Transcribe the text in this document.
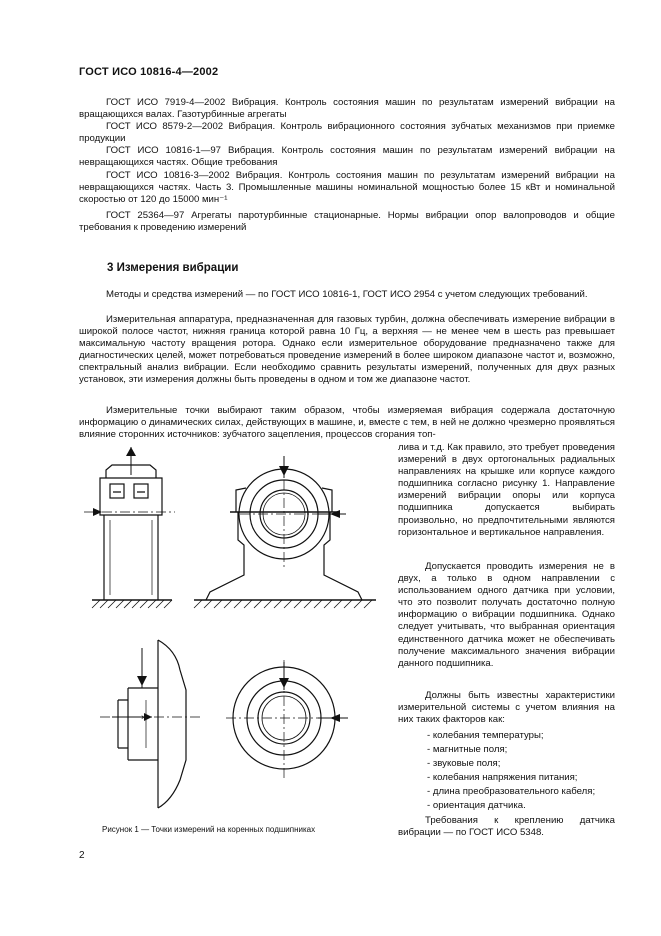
ГОСТ ИСО 10816-4—2002

ГОСТ ИСО 7919-4—2002 Вибрация. Контроль состояния машин по результатам измерений вибрации на вращающихся валах. Газотурбинные агрегаты

ГОСТ ИСО 8579-2—2002 Вибрация. Контроль вибрационного состояния зубчатых механизмов при приемке продукции

ГОСТ ИСО 10816-1—97 Вибрация. Контроль состояния машин по результатам измерений вибрации на невращающихся частях. Общие требования

ГОСТ ИСО 10816-3—2002 Вибрация. Контроль состояния машин по результатам измерений вибрации на невращающихся частях. Часть 3. Промышленные машины номинальной мощностью более 15 кВт и номинальной скоростью от 120 до 15000 мин⁻¹

ГОСТ 25364—97 Агрегаты паротурбинные стационарные. Нормы вибрации опор валопроводов и общие требования к проведению измерений

3 Измерения вибрации

Методы и средства измерений — по ГОСТ ИСО 10816-1, ГОСТ ИСО 2954 с учетом следующих требований.

Измерительная аппаратура, предназначенная для газовых турбин, должна обеспечивать измерение вибрации в широкой полосе частот, нижняя граница которой равна 10 Гц, а верхняя — не менее чем в шесть раз превышает максимальную частоту вращения ротора. Однако если измерительное оборудование предназначено также для диагностических целей, может потребоваться проведение измерений в более широком диапазоне частот и, возможно, спектральный анализ вибрации. Если необходимо сравнить результаты измерений, полученных для двух разных установок, эти измерения должны быть проведены в одном и том же диапазоне частот.

Измерительные точки выбирают таким образом, чтобы измеряемая вибрация содержала достаточную информацию о динамических силах, действующих в машине, и, вместе с тем, в ней не должно чрезмерно проявляться влияние сторонних источников: зубчатого зацепления, процессов сгорания топ-

лива и т.д. Как правило, это требует проведения измерений в двух ортогональных радиальных направлениях на крышке или корпусе каждого подшипника согласно рисунку 1. Направление измерений вибрации опоры или корпуса подшипника допускается выбирать произвольно, но предпочтительными являются горизонтальное и вертикальное направления.

Допускается проводить измерения не в двух, а только в одном направлении с использованием одного датчика при условии, что это позволит получать достаточно полную информацию о вибрации подшипника. Однако следует учитывать, что выбранная ориентация единственного датчика может не обеспечивать получение максимального значения вибрации данного подшипника.

Должны быть известны характеристики измерительной системы с учетом влияния на них таких факторов как:

- колебания температуры;
- магнитные поля;
- звуковые поля;
- колебания напряжения питания;
- длина преобразовательного кабеля;
- ориентация датчика.

Требования к креплению датчика вибрации — по ГОСТ ИСО 5348.

×
Рисунок 1 — Точки измерений на коренных подшипниках
2
